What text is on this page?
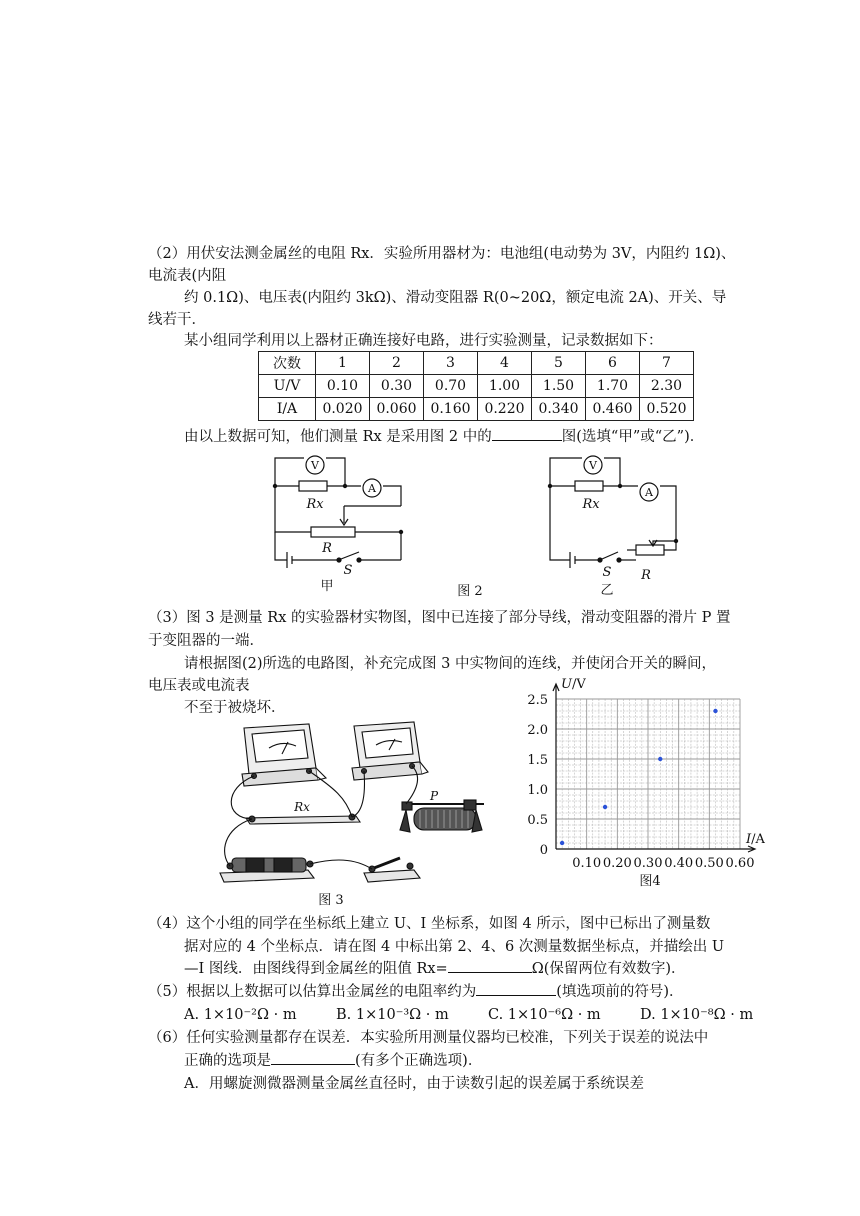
（2）用伏安法测金属丝的电阻 Rx．实验所用器材为：电池组(电动势为 3V，内阻约 1Ω)、
电流表(内阻
约 0.1Ω)、电压表(内阻约 3kΩ)、滑动变阻器 R(0~20Ω，额定电流 2A)、开关、导
线若干．
某小组同学利用以上器材正确连接好电路，进行实验测量，记录数据如下：
次数	1	2	3	4	5	6	7
U/V	0.10	0.30	0.70	1.00	1.50	1.70	2.30
I/A	0.020	0.060	0.160	0.220	0.340	0.460	0.520
由以上数据可知，他们测量 Rx 是采用图 2 中的	图(选填“甲”或“乙”)．
V
A
V
A
Rx
R
S
Rx
S R
甲	图 2	乙
（3）图 3 是测量 Rx 的实验器材实物图，图中已连接了部分导线，滑动变阻器的滑片 P 置
于变阻器的一端．
请根据图(2)所选的电路图，补充完成图 3 中实物间的连线，并使闭合开关的瞬间，
电压表或电流表
不至于被烧坏．
Rx
P
图 3
2.5
2.0
1.5
1.0
0.5
0
0.10 0.20 0.30 0.40 0.50 0.60
U/V
I/A
图4
（4）这个小组的同学在坐标纸上建立 U、I 坐标系，如图 4 所示，图中已标出了测量数
据对应的 4 个坐标点．请在图 4 中标出第 2、4、6 次测量数据坐标点，并描绘出 U
—I 图线．由图线得到金属丝的阻值 Rx=	Ω(保留两位有效数字)．
（5）根据以上数据可以估算出金属丝的电阻率约为	(填选项前的符号)．
A. 1×10⁻²Ω · m	B. 1×10⁻³Ω · m	C. 1×10⁻⁶Ω · m	D. 1×10⁻⁸Ω · m
（6）任何实验测量都存在误差．本实验所用测量仪器均已校准，下列关于误差的说法中
正确的选项是	(有多个正确选项)．
A．用螺旋测微器测量金属丝直径时，由于读数引起的误差属于系统误差
